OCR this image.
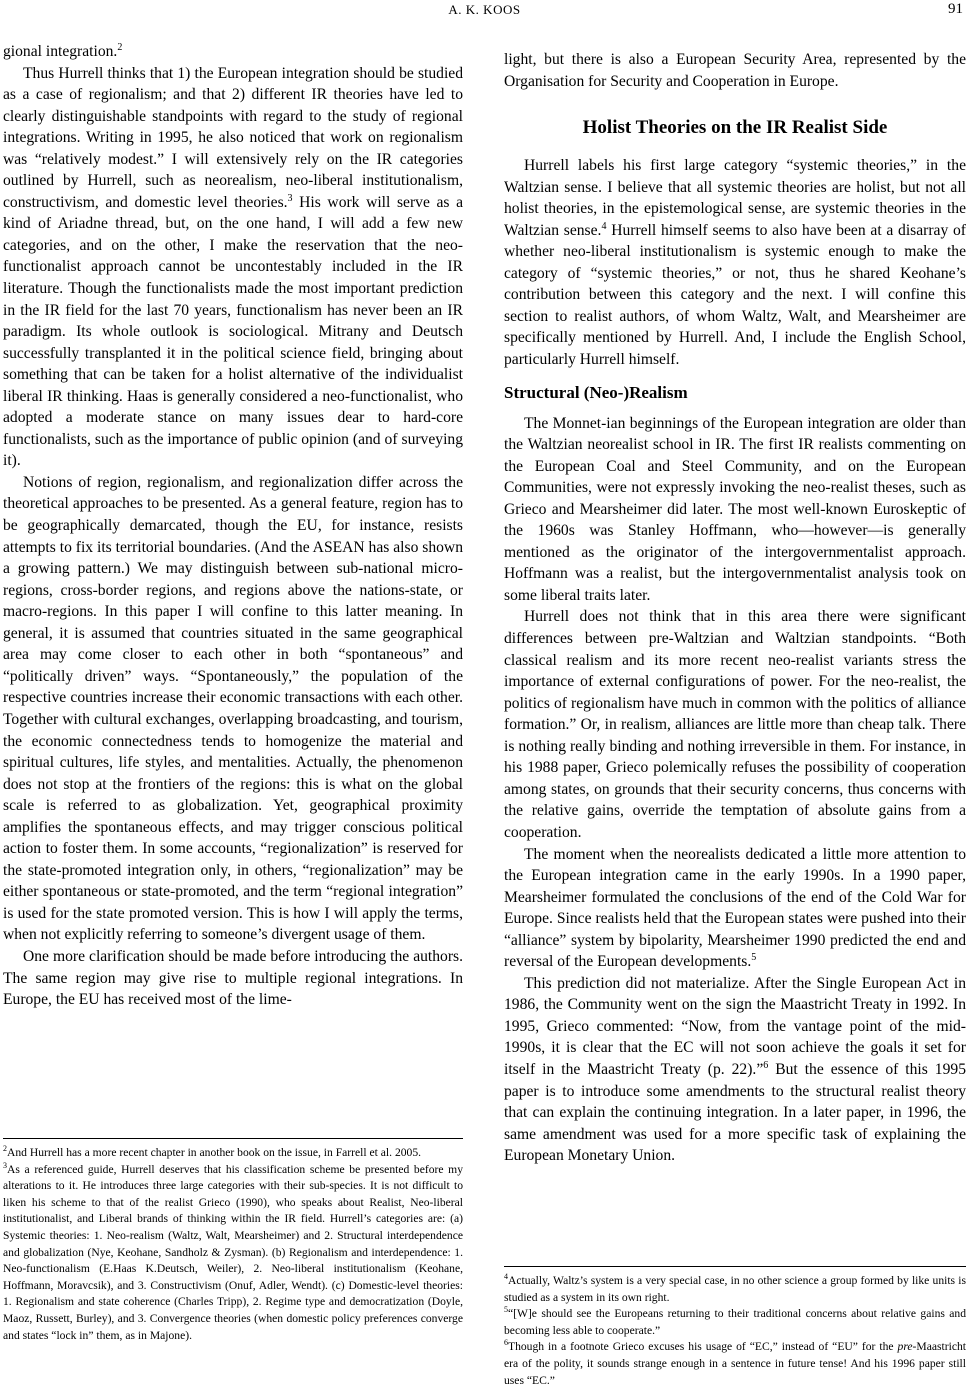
A. K. KOOS	91

gional integration.$^2$

Thus Hurrell thinks that 1) the European integration should be studied as a case of regionalism; and that 2) different IR theories have led to clearly distinguishable standpoints with regard to the study of regional integrations. Writing in 1995, he also noticed that work on regionalism was “relatively modest.” I will extensively rely on the IR categories outlined by Hurrell, such as neorealism, neo-liberal institutionalism, constructivism, and domestic level theories.$^3$ His work will serve as a kind of Ariadne thread, but, on the one hand, I will add a few new categories, and on the other, I make the reservation that the neo-functionalist approach cannot be uncontestably included in the IR literature. Though the functionalists made the most important prediction in the IR field for the last 70 years, functionalism has never been an IR paradigm. Its whole outlook is sociological. Mitrany and Deutsch successfully transplanted it in the political science field, bringing about something that can be taken for a holist alternative of the individualist liberal IR thinking. Haas is generally considered a neo-functionalist, who adopted a moderate stance on many issues dear to hard-core functionalists, such as the importance of public opinion (and of surveying it).

Notions of region, regionalism, and regionalization differ across the theoretical approaches to be presented. As a general feature, region has to be geographically demarcated, though the EU, for instance, resists attempts to fix its territorial boundaries. (And the ASEAN has also shown a growing pattern.) We may distinguish between sub-national micro-regions, cross-border regions, and regions above the nations-state, or macro-regions. In this paper I will confine to this latter meaning. In general, it is assumed that countries situated in the same geographical area may come closer to each other in both “spontaneous” and “politically driven” ways. “Spontaneously,” the population of the respective countries increase their economic transactions with each other. Together with cultural exchanges, overlapping broadcasting, and tourism, the economic connectedness tends to homogenize the material and spiritual cultures, life styles, and mentalities. Actually, the phenomenon does not stop at the frontiers of the regions: this is what on the global scale is referred to as globalization. Yet, geographical proximity amplifies the spontaneous effects, and may trigger conscious political action to foster them. In some accounts, “regionalization” is reserved for the state-promoted integration only, in others, “regionalization” may be either spontaneous or state-promoted, and the term “regional integration” is used for the state promoted version. This is how I will apply the terms, when not explicitly referring to someone’s divergent usage of them.

One more clarification should be made before introducing the authors. The same region may give rise to multiple regional integrations. In Europe, the EU has received most of the lime-

$^2$And Hurrell has a more recent chapter in another book on the issue, in Farrell et al. 2005.

$^3$As a referenced guide, Hurrell deserves that his classification scheme be presented before my alterations to it. He introduces three large categories with their sub-species. It is not difficult to liken his scheme to that of the realist Grieco (1990), who speaks about Realist, Neo-liberal institutionalist, and Liberal brands of thinking within the IR field. Hurrell’s categories are: (a) Systemic theories: 1. Neo-realism (Waltz, Walt, Mearsheimer) and 2. Structural interdependence and globalization (Nye, Keohane, Sandholz & Zysman). (b) Regionalism and interdependence: 1. Neo-functionalism (E.Haas K.Deutsch, Weiler), 2. Neo-liberal institutionalism (Keohane, Hoffmann, Moravcsik), and 3. Constructivism (Onuf, Adler, Wendt). (c) Domestic-level theories: 1. Regionalism and state coherence (Charles Tripp), 2. Regime type and democratization (Doyle, Maoz, Russett, Burley), and 3. Convergence theories (when domestic policy preferences converge and states “lock in” them, as in Majone).

light, but there is also a European Security Area, represented by the Organisation for Security and Cooperation in Europe.

Holist Theories on the IR Realist Side

Hurrell labels his first large category “systemic theories,” in the Waltzian sense. I believe that all systemic theories are holist, but not all holist theories, in the epistemological sense, are systemic theories in the Waltzian sense.$^4$ Hurrell himself seems to also have been at a disarray of whether neo-liberal institutionalism is systemic enough to make the category of “systemic theories,” or not, thus he shared Keohane’s contribution between this category and the next. I will confine this section to realist authors, of whom Waltz, Walt, and Mearsheimer are specifically mentioned by Hurrell. And, I include the English School, particularly Hurrell himself.

Structural (Neo-)Realism

The Monnet-ian beginnings of the European integration are older than the Waltzian neorealist school in IR. The first IR realists commenting on the European Coal and Steel Community, and on the European Communities, were not expressly invoking the neo-realist theses, such as Grieco and Mearsheimer did later. The most well-known Euroskeptic of the 1960s was Stanley Hoffmann, who—however—is generally mentioned as the originator of the intergovernmentalist approach. Hoffmann was a realist, but the intergovernmentalist analysis took on some liberal traits later.

Hurrell does not think that in this area there were significant differences between pre-Waltzian and Waltzian standpoints. “Both classical realism and its more recent neo-realist variants stress the importance of external configurations of power. For the neo-realist, the politics of regionalism have much in common with the politics of alliance formation.” Or, in realism, alliances are little more than cheap talk. There is nothing really binding and nothing irreversible in them. For instance, in his 1988 paper, Grieco polemically refuses the possibility of cooperation among states, on grounds that their security concerns, thus concerns with the relative gains, override the temptation of absolute gains from a cooperation.

The moment when the neorealists dedicated a little more attention to the European integration came in the early 1990s. In a 1990 paper, Mearsheimer formulated the conclusions of the end of the Cold War for Europe. Since realists held that the European states were pushed into their “alliance” system by bipolarity, Mearsheimer 1990 predicted the end and reversal of the European developments.$^5$

This prediction did not materialize. After the Single European Act in 1986, the Community went on the sign the Maastricht Treaty in 1992. In 1995, Grieco commented: “Now, from the vantage point of the mid-1990s, it is clear that the EC will not soon achieve the goals it set for itself in the Maastricht Treaty (p. 22).”$^6$ But the essence of this 1995 paper is to introduce some amendments to the structural realist theory that can explain the continuing integration. In a later paper, in 1996, the same amendment was used for a more specific task of explaining the European Monetary Union.

$^4$Actually, Waltz’s system is a very special case, in no other science a group formed by like units is studied as a system in its own right.

$^5$“[W]e should see the Europeans returning to their traditional concerns about relative gains and becoming less able to cooperate.”

$^6$Though in a footnote Grieco excuses his usage of “EC,” instead of “EU” for the pre-Maastricht era of the polity, it sounds strange enough in a sentence in future tense! And his 1996 paper still uses “EC.”
